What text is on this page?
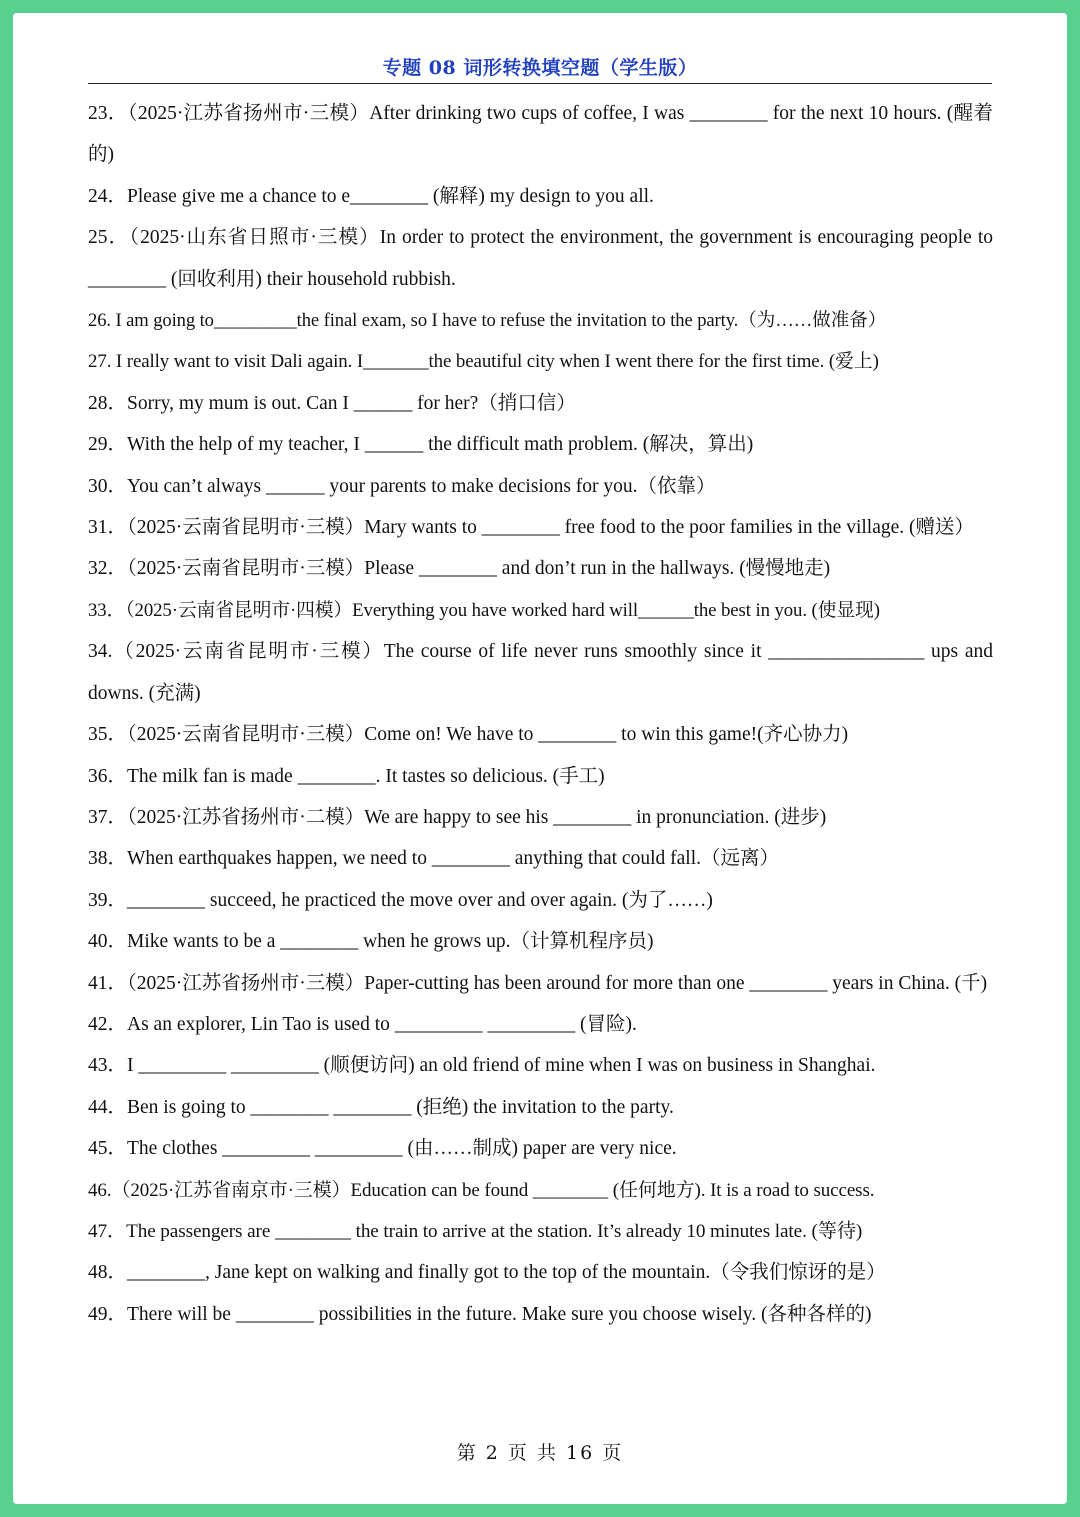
专题 08 词形转换填空题（学生版）

23．（2025·江苏省扬州市·三模）After drinking two cups of coffee, I was ________ for the next 10 hours. (醒着的)

24．Please give me a chance to e________ (解释) my design to you all.

25．（2025·山东省日照市·三模）In order to protect the environment, the government is encouraging people to ________ (回收利用) their household rubbish.

26. I am going to_________the final exam, so I have to refuse the invitation to the party.（为……做准备）

27. I really want to visit Dali again. I_______the beautiful city when I went there for the first time. (爱上)

28．Sorry, my mum is out. Can I ______ for her?（捎口信）

29．With the help of my teacher, I ______ the difficult math problem. (解决，算出)

30．You can’t always ______ your parents to make decisions for you.（依靠）

31．（2025·云南省昆明市·三模）Mary wants to ________ free food to the poor families in the village. (赠送）

32．（2025·云南省昆明市·三模）Please ________ and don’t run in the hallways. (慢慢地走)

33．（2025·云南省昆明市·四模）Everything you have worked hard will______the best in you. (使显现)

34.（2025·云南省昆明市·三模）The course of life never runs smoothly since it ________________ ups and downs. (充满)

35．（2025·云南省昆明市·三模）Come on! We have to ________ to win this game!(齐心协力)

36．The milk fan is made ________. It tastes so delicious. (手工)

37．（2025·江苏省扬州市·二模）We are happy to see his ________ in pronunciation. (进步)

38．When earthquakes happen, we need to ________ anything that could fall.（远离）

39．________ succeed, he practiced the move over and over again. (为了……)

40．Mike wants to be a ________ when he grows up.（计算机程序员)

41．（2025·江苏省扬州市·三模）Paper-cutting has been around for more than one ________ years in China. (千)

42．As an explorer, Lin Tao is used to _________ _________ (冒险).

43．I _________ _________ (顺便访问) an old friend of mine when I was on business in Shanghai.

44．Ben is going to ________ ________ (拒绝) the invitation to the party.

45．The clothes _________ _________ (由……制成) paper are very nice.

46.（2025·江苏省南京市·三模）Education can be found ________ (任何地方). It is a road to success.

47．The passengers are ________ the train to arrive at the station. It’s already 10 minutes late. (等待)

48．________, Jane kept on walking and finally got to the top of the mountain.（令我们惊讶的是）

49．There will be ________ possibilities in the future. Make sure you choose wisely. (各种各样的)

第 2 页 共 16 页
